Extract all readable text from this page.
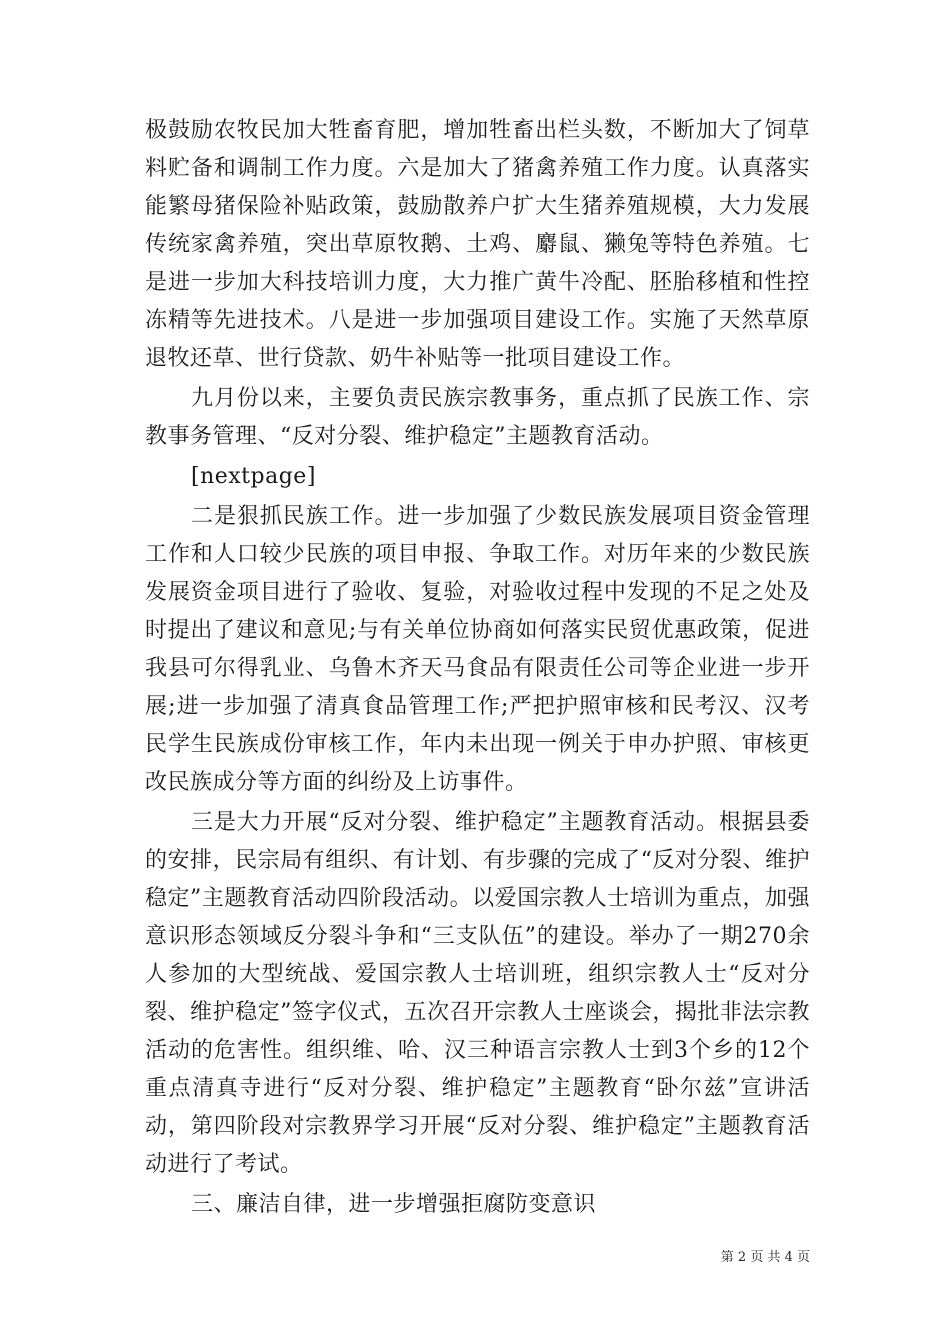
极鼓励农牧民加大牲畜育肥，增加牲畜出栏头数，不断加大了饲草料贮备和调制工作力度。六是加大了猪禽养殖工作力度。认真落实能繁母猪保险补贴政策，鼓励散养户扩大生猪养殖规模，大力发展传统家禽养殖，突出草原牧鹅、土鸡、麝鼠、獭兔等特色养殖。七是进一步加大科技培训力度，大力推广黄牛冷配、胚胎移植和性控冻精等先进技术。八是进一步加强项目建设工作。实施了天然草原退牧还草、世行贷款、奶牛补贴等一批项目建设工作。

九月份以来，主要负责民族宗教事务，重点抓了民族工作、宗教事务管理、“反对分裂、维护稳定”主题教育活动。

[nextpage]

二是狠抓民族工作。进一步加强了少数民族发展项目资金管理工作和人口较少民族的项目申报、争取工作。对历年来的少数民族发展资金项目进行了验收、复验，对验收过程中发现的不足之处及时提出了建议和意见;与有关单位协商如何落实民贸优惠政策，促进我县可尔得乳业、乌鲁木齐天马食品有限责任公司等企业进一步开展;进一步加强了清真食品管理工作;严把护照审核和民考汉、汉考民学生民族成份审核工作，年内未出现一例关于申办护照、审核更改民族成分等方面的纠纷及上访事件。

三是大力开展“反对分裂、维护稳定”主题教育活动。根据县委的安排，民宗局有组织、有计划、有步骤的完成了“反对分裂、维护稳定”主题教育活动四阶段活动。以爱国宗教人士培训为重点，加强意识形态领域反分裂斗争和“三支队伍”的建设。举办了一期270余人参加的大型统战、爱国宗教人士培训班，组织宗教人士“反对分裂、维护稳定”签字仪式，五次召开宗教人士座谈会，揭批非法宗教活动的危害性。组织维、哈、汉三种语言宗教人士到3个乡的12个重点清真寺进行“反对分裂、维护稳定”主题教育“卧尔兹”宣讲活动，第四阶段对宗教界学习开展“反对分裂、维护稳定”主题教育活动进行了考试。

三、廉洁自律，进一步增强拒腐防变意识

第 2 页 共 4 页
